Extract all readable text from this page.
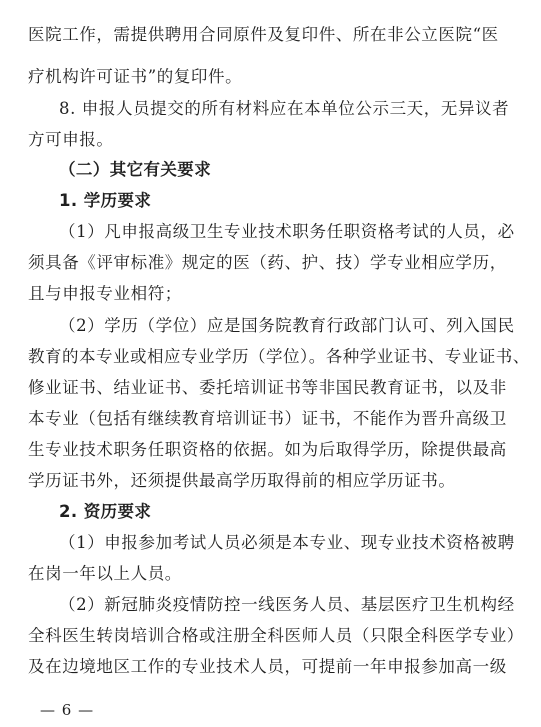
医院工作，需提供聘用合同原件及复印件、所在非公立医院“医
疗机构许可证书”的复印件。
8. 申报人员提交的所有材料应在本单位公示三天，无异议者
方可申报。
（二）其它有关要求
1. 学历要求
（1）凡申报高级卫生专业技术职务任职资格考试的人员，必
须具备《评审标准》规定的医（药、护、技）学专业相应学历，
且与申报专业相符；
（2）学历（学位）应是国务院教育行政部门认可、列入国民
教育的本专业或相应专业学历（学位）。各种学业证书、专业证书、
修业证书、结业证书、委托培训证书等非国民教育证书，以及非
本专业（包括有继续教育培训证书）证书，不能作为晋升高级卫
生专业技术职务任职资格的依据。如为后取得学历，除提供最高
学历证书外，还须提供最高学历取得前的相应学历证书。
2. 资历要求
（1）申报参加考试人员必须是本专业、现专业技术资格被聘
在岗一年以上人员。
（2）新冠肺炎疫情防控一线医务人员、基层医疗卫生机构经
全科医生转岗培训合格或注册全科医师人员（只限全科医学专业）
及在边境地区工作的专业技术人员，可提前一年申报参加高一级
— 6 —
